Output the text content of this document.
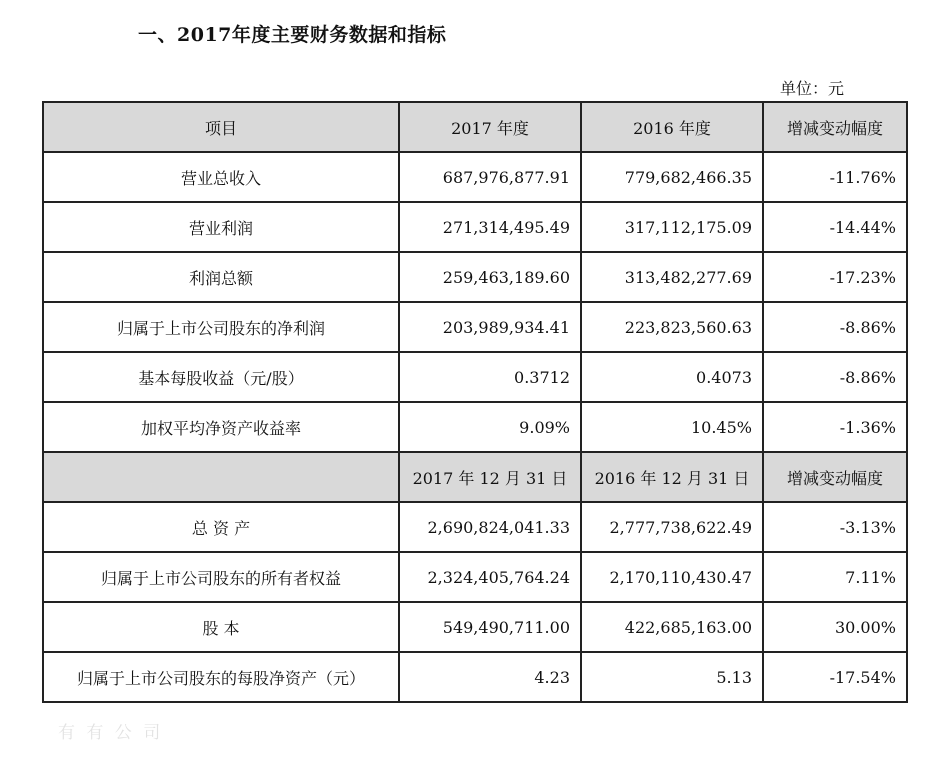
一、2017年度主要财务数据和指标
单位：元
项目	2017 年度	2016 年度	增减变动幅度
营业总收入	687,976,877.91	779,682,466.35	-11.76%
营业利润	271,314,495.49	317,112,175.09	-14.44%
利润总额	259,463,189.60	313,482,277.69	-17.23%
归属于上市公司股东的净利润	203,989,934.41	223,823,560.63	-8.86%
基本每股收益（元/股）	0.3712	0.4073	-8.86%
加权平均净资产收益率	9.09%	10.45%	-1.36%
	2017 年 12 月 31 日	2016 年 12 月 31 日	增减变动幅度
总 资 产	2,690,824,041.33	2,777,738,622.49	-3.13%
归属于上市公司股东的所有者权益	2,324,405,764.24	2,170,110,430.47	7.11%
股 本	549,490,711.00	422,685,163.00	30.00%
归属于上市公司股东的每股净资产（元）	4.23	5.13	-17.54%
有 有 公 司
